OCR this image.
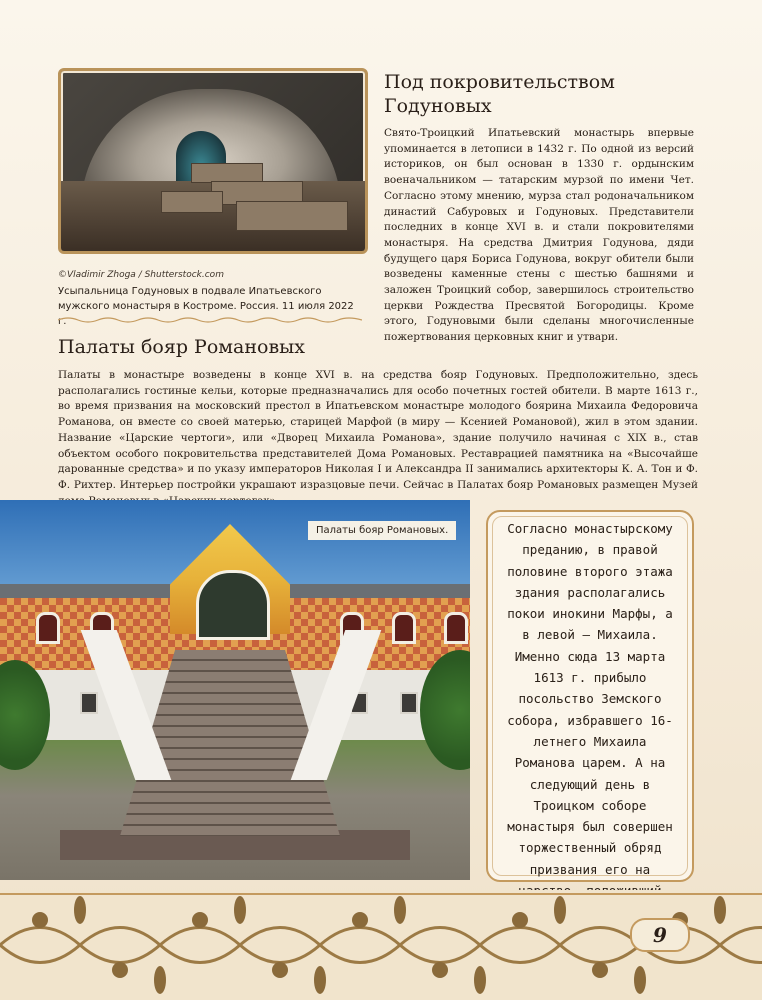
©Vladimir Zhoga / Shutterstock.com
Усыпальница Годуновых в подвале Ипатьевского мужского монастыря в Костроме. Россия. 11 июля 2022 г.
Под покровительством Годуновых
Свято-Троицкий Ипатьевский монастырь впервые упоминается в летописи в 1432 г. По одной из версий историков, он был основан в 1330 г. ордынским военачальником — татарским мурзой по имени Чет. Согласно этому мнению, мурза стал родоначальником династий Сабуровых и Годуновых. Представители последних в конце XVI в. и стали покровителями монастыря. На средства Дмитрия Годунова, дяди будущего царя Бориса Годунова, вокруг обители были возведены каменные стены с шестью башнями и заложен Троицкий собор, завершилось строительство церкви Рождества Пресвятой Богородицы. Кроме этого, Годуновыми были сделаны многочисленные пожертвования церковных книг и утвари.
Палаты бояр Романовых
Палаты в монастыре возведены в конце XVI в. на средства бояр Годуновых. Предположительно, здесь располагались гостиные кельи, которые предназначались для особо почетных гостей обители. В марте 1613 г., во время призвания на московский престол в Ипатьевском монастыре молодого боярина Михаила Федоровича Романова, он вместе со своей матерью, старицей Марфой (в миру — Ксенией Романовой), жил в этом здании. Название «Царские чертоги», или «Дворец Михаила Романова», здание получило начиная с XIX в., став объектом особого покровительства представителей Дома Романовых. Реставрацией памятника на «Высочайше дарованные средства» и по указу императоров Николая I и Александра II занимались архитекторы К. А. Тон и Ф. Ф. Рихтер. Интерьер постройки украшают изразцовые печи. Сейчас в Палатах бояр Романовых размещен Музей
Палаты бояр Романовых.	Согласно монастырскому преданию, в правой половине второго этажа здания располагались покои инокини Марфы, а в левой — Михаила. Именно сюда 13 марта 1613 г. прибыло посольство Земского собора, избравшего 16-летнего Михаила Романова царем. А на следующий день в Троицком соборе монастыря был совершен торжественный обряд призвания его на
9
